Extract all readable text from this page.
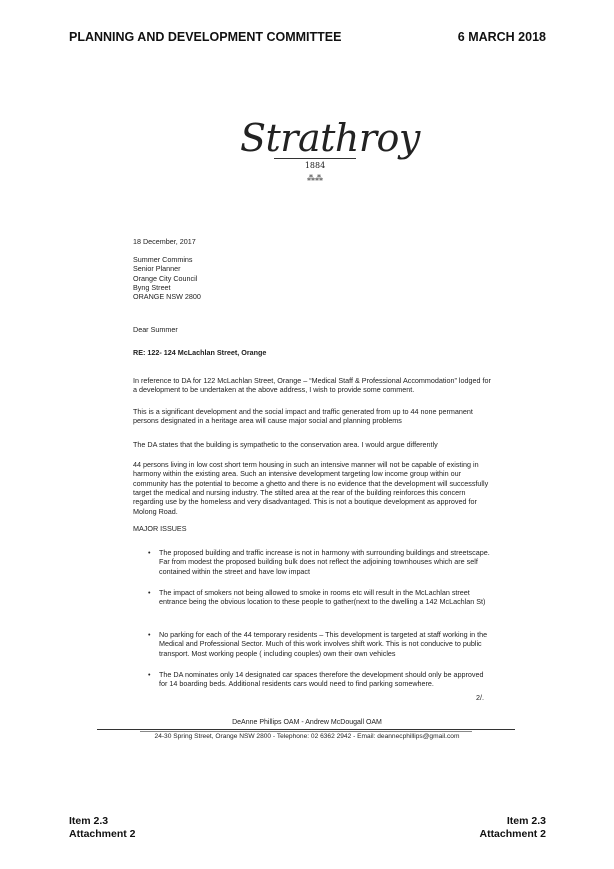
PLANNING AND DEVELOPMENT COMMITTEE	6 MARCH 2018
Strathroy
1884
⁂⁂
18 December, 2017
Summer Commins
Senior Planner
Orange City Council
Byng Street
ORANGE NSW 2800
Dear Summer
RE: 122- 124 McLachlan Street, Orange

In reference to DA for 122 McLachlan Street, Orange – “Medical Staff & Professional Accommodation” lodged for a development to be undertaken at the above address, I wish to provide some comment.

This is a significant development and the social impact and traffic generated from up to 44 none permanent persons designated in a heritage area will cause major social and planning problems

The DA states that the building is sympathetic to the conservation area. I would argue differently

44 persons living in low cost short term housing in such an intensive manner will not be capable of existing in harmony within the existing area. Such an intensive development targeting low income group within our community has the potential to become a ghetto and there is no evidence that the development will successfully target the medical and nursing industry. The stilted area at the rear of the building reinforces this concern regarding use by the homeless and very disadvantaged. This is not a boutique development as approved for Molong Road.

MAJOR ISSUES
• The proposed building and traffic increase is not in harmony with surrounding buildings and streetscape. Far from modest the proposed building bulk does not reflect the adjoining townhouses which are self contained within the street and have low impact
• The impact of smokers not being allowed to smoke in rooms etc will result in the McLachlan street entrance being the obvious location to these people to gather(next to the dwelling a 142 McLachlan St)
• No parking for each of the 44 temporary residents – This development is targeted at staff working in the Medical and Professional Sector. Much of this work involves shift work. This is not conducive to public transport. Most working people ( including couples) own their own vehicles
• The DA nominates only 14 designated car spaces therefore the development should only be approved for 14 boarding beds. Additional residents cars would need to find parking somewhere.
2/.
DeAnne Phillips OAM - Andrew McDougall OAM
24-30 Spring Street, Orange NSW 2800 - Telephone: 02 6362 2942 - Email: deannecphillips@gmail.com
Item 2.3
Attachment 2
Item 2.3
Attachment 2
